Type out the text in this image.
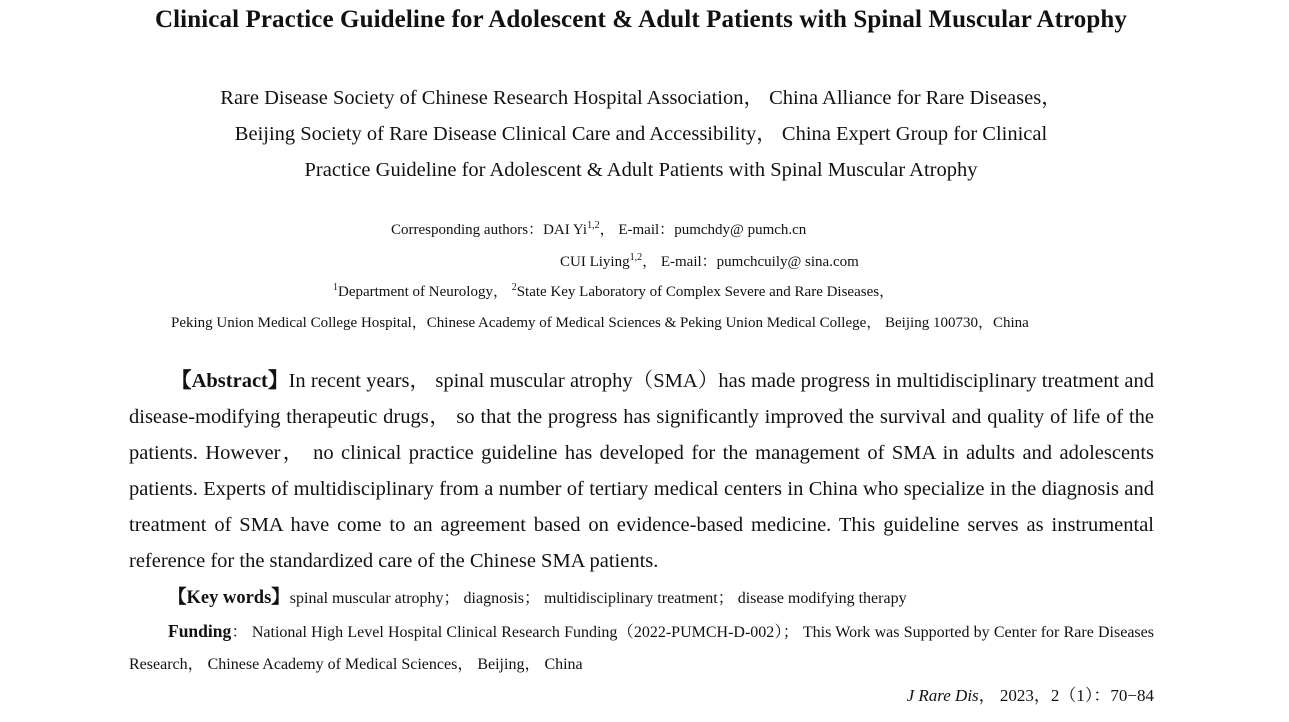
Clinical Practice Guideline for Adolescent & Adult Patients with Spinal Muscular Atrophy
Rare Disease Society of Chinese Research Hospital Association， China Alliance for Rare Diseases，
Beijing Society of Rare Disease Clinical Care and Accessibility， China Expert Group for Clinical
Practice Guideline for Adolescent & Adult Patients with Spinal Muscular Atrophy
Corresponding authors：DAI Yi$^{1,2}$， E-mail：pumchdy@ pumch.cn
CUI Liying$^{1,2}$， E-mail：pumchcuily@ sina.com
$^1$Department of Neurology， $^2$State Key Laboratory of Complex Severe and Rare Diseases，
Peking Union Medical College Hospital，Chinese Academy of Medical Sciences & Peking Union Medical College， Beijing 100730，China
【Abstract】In recent years， spinal muscular atrophy（SMA）has made progress in multidisciplinary treatment and disease-modifying therapeutic drugs， so that the progress has significantly improved the survival and quality of life of the patients. However， no clinical practice guideline has developed for the management of SMA in adults and adolescents patients. Experts of multidisciplinary from a number of tertiary medical centers in China who specialize in the diagnosis and treatment of SMA have come to an agreement based on evidence-based medicine. This guideline serves as instrumental reference for the standardized care of the Chinese SMA patients.
【Key words】spinal muscular atrophy； diagnosis； multidisciplinary treatment； disease modifying therapy
Funding： National High Level Hospital Clinical Research Funding（2022-PUMCH-D-002）； This Work was Supported by Center for Rare Diseases Research， Chinese Academy of Medical Sciences， Beijing， China
J Rare Dis， 2023，2（1）：70−84
